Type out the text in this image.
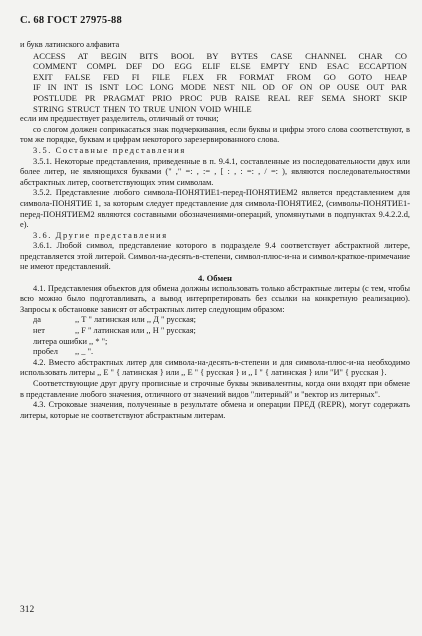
С. 68 ГОСТ 27975-88

и букв латинского алфавита

ACCESS AT BEGIN BITS BOOL BY BYTES CASE CHANNEL CHAR CO
COMMENT COMPL DEF DO EGG ELIF ELSE EMPTY END ESAC ECCAPTION
EXIT FALSE FED FI FILE FLEX FR FORMAT FROM GO GOTO HEAP
IF IN INT IS ISNT LOC LONG MODE NEST NIL OD OF ON OP OUSE OUT PAR
POSTLUDE PR PRAGMAT PRIO PROC PUB RAISE REAL REF SEMA SHORT SKIP
STRING STRUCT THEN TO TRUE UNION VOID WHILE

если им предшествует разделитель, отличный от точки;

со слогом должен соприкасаться знак подчеркивания, если буквы и цифры этого слова соответствуют, в том же порядке, буквам и цифрам некоторого зарезервированного слова.

3.5. Составные представления

3.5.1. Некоторые представления, приведенные в п. 9.4.1, составленные из последовательности двух или более литер, не являющихся буквами (" ," =: , := , [ : , : =: , / =: ), являются последовательностями абстрактных литер, соответствующих этим символам.

3.5.2. Представление любого символа-ПОНЯТИЕ1-перед-ПОНЯТИЕМ2 является представлением для символа-ПОНЯТИЕ 1, за которым следует представление для символа-ПОНЯТИЕ2, (символы-ПОНЯТИЕ1-перед-ПОНЯТИЕМ2 являются составными обозначениями-операций, упомянутыми в подпунктах 9.4.2.2.d, e).

3.6. Другие представления

3.6.1. Любой символ, представление которого в подразделе 9.4 соответствует абстрактной литере, представляется этой литерой. Символ-на-десять-в-степени, символ-плюс-и-на и символ-краткое-примечание не имеют представлений.

4. Обмен

4.1. Представления объектов для обмена должны использовать только абстрактные литеры (с тем, чтобы всю можно было подготавливать, а вывод интерпретировать без ссылки на конкретную реализацию). Запросы к обстановке зависят от абстрактных литер следующим образом:

да	,, Т " латинская или ,, Д " русская;
нет	,, F " латинская или ,, Н " русская;
литера ошибки ,, * ";
пробел	,, _ ".

4.2. Вместо абстрактных литер для символа-на-десять-в-степени и для символа-плюс-и-на необходимо использовать литеры ,, Е " { латинская } или ,, Е " { русская } и ,, I " { латинская } или "И" { русская }.

Соответствующие друг другу прописные и строчные буквы эквивалентны, когда они входят при обмене в представление любого значения, отличного от значений видов "литерный" и "вектор из литерных".

4.3. Строковые значения, полученные в результате обмена и операции ПРЕД (REPR), могут содержать литеры, которые не соответствуют абстрактным литерам.

312
